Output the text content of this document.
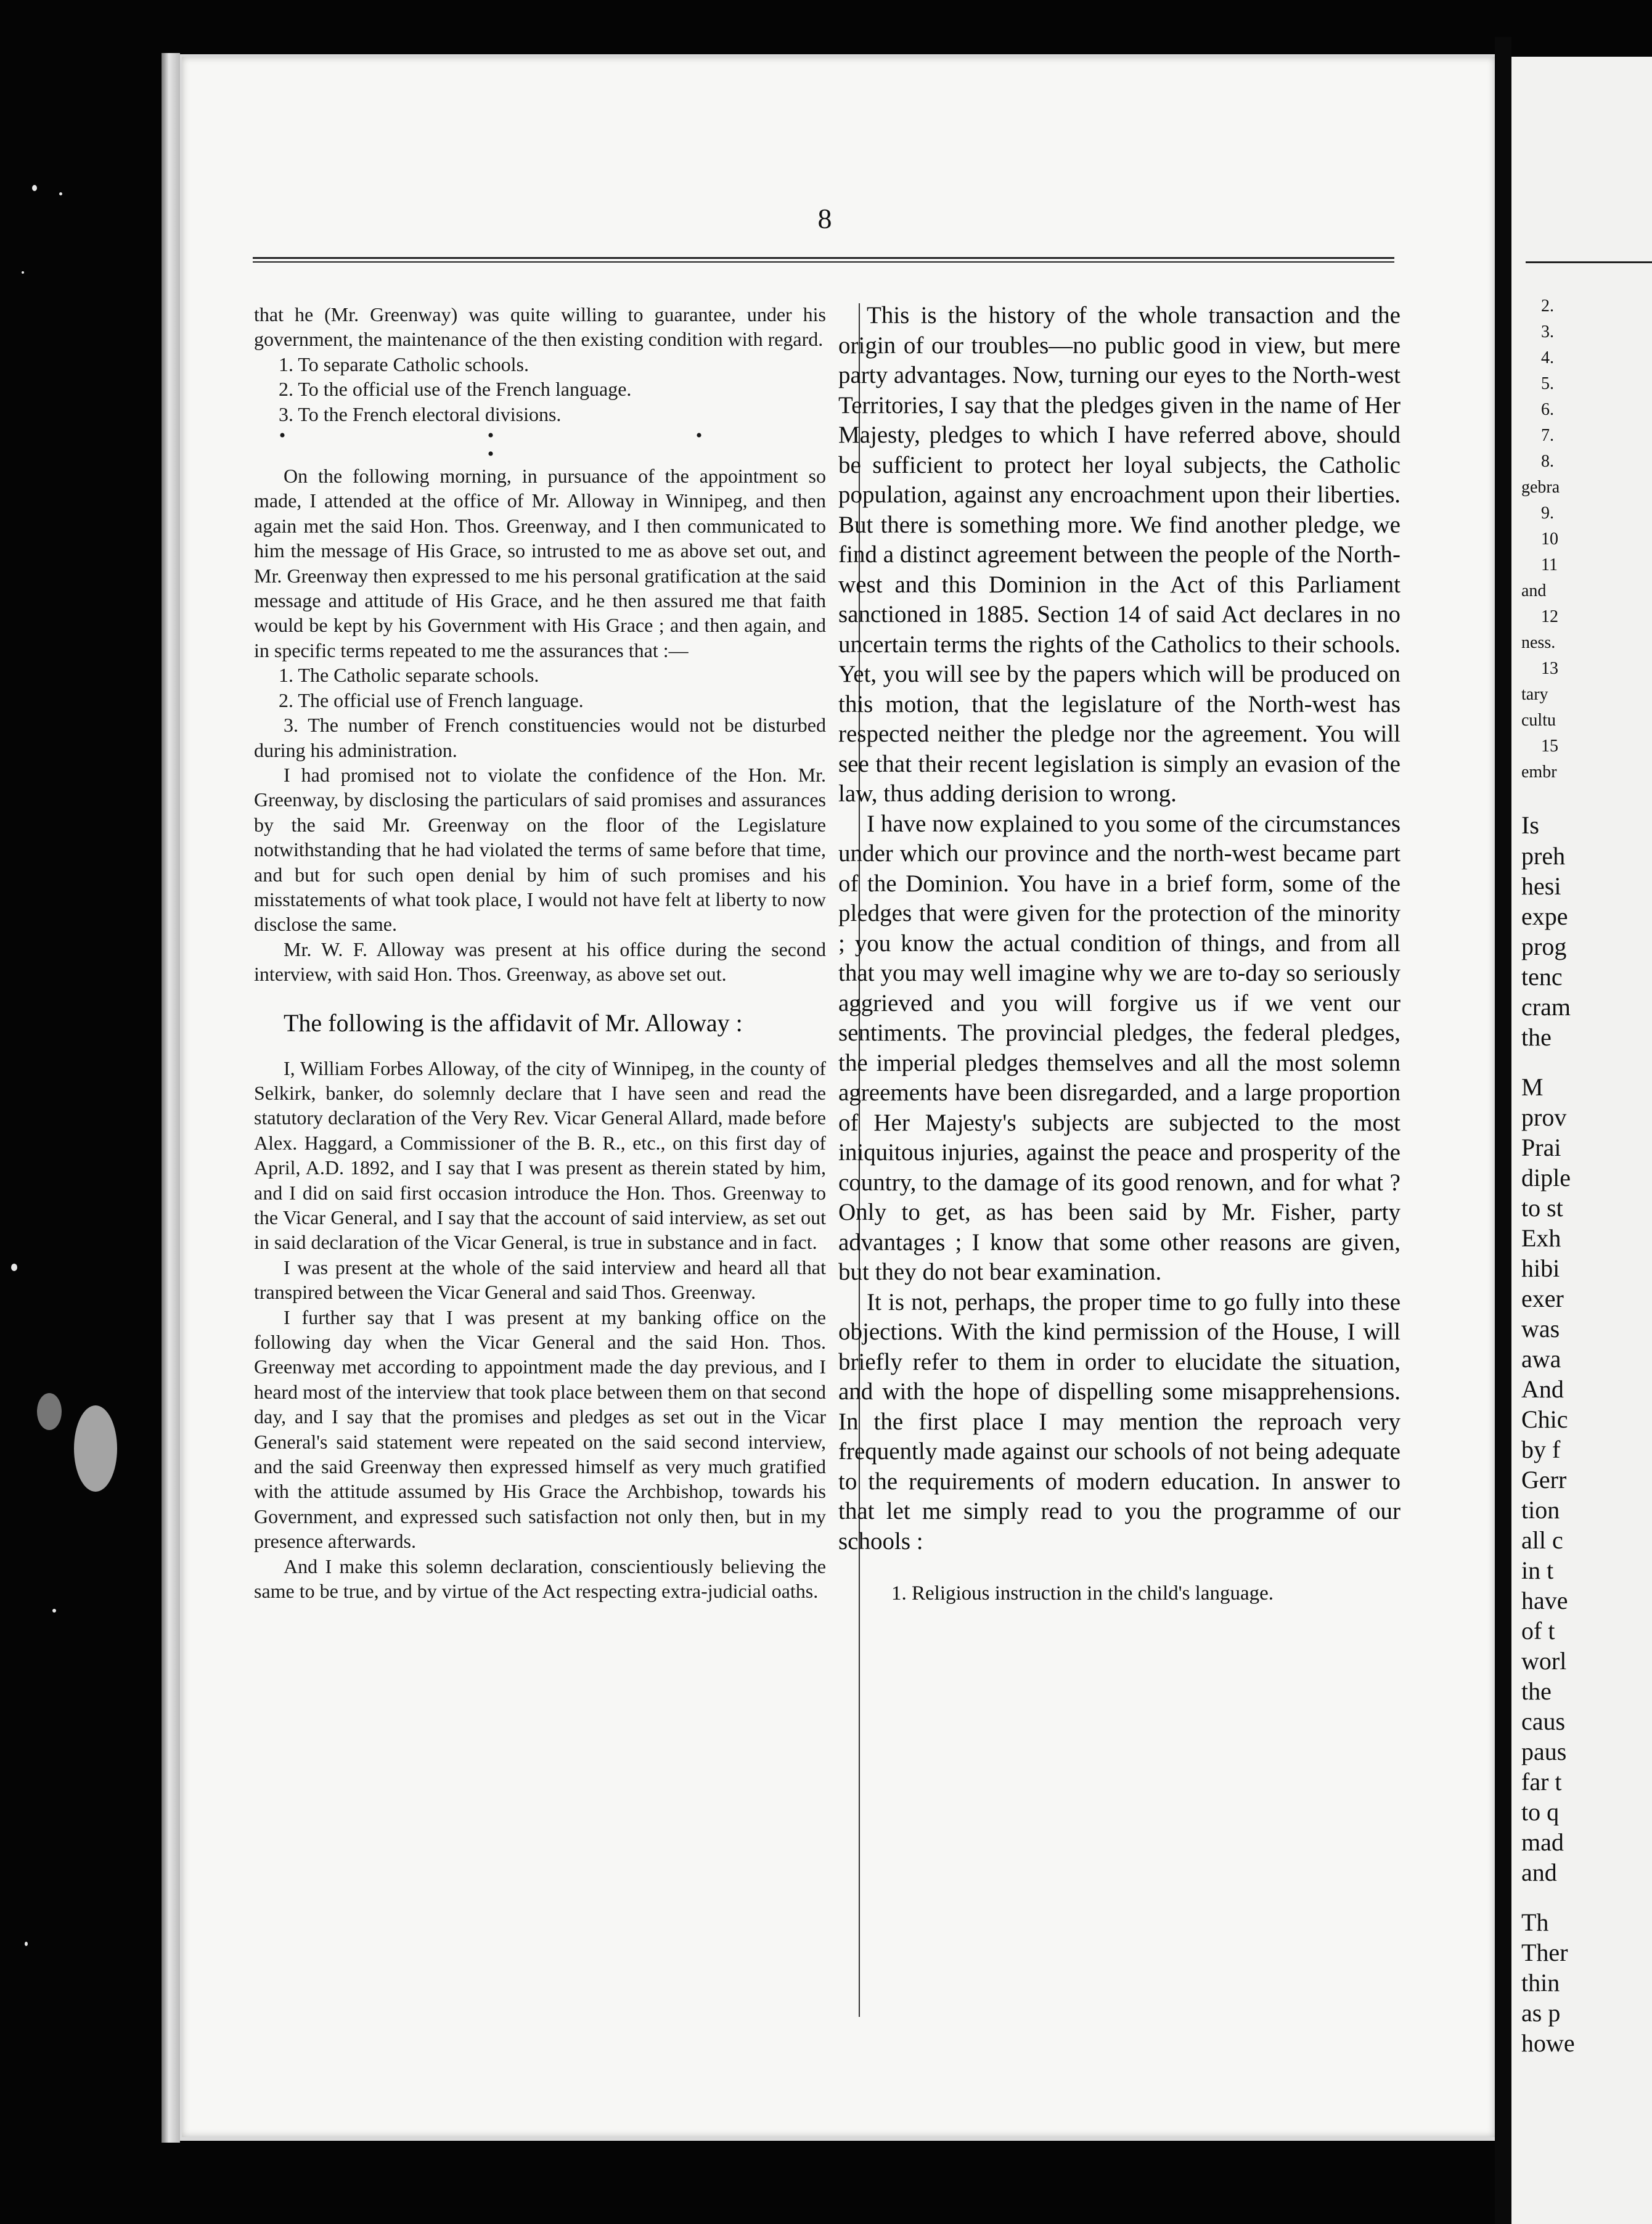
8

that he (Mr. Greenway) was quite willing to guarantee, under his government, the maintenance of the then existing condition with regard.

1. To separate Catholic schools.

2. To the official use of the French language.

3. To the French electoral divisions.

• • • •

On the following morning, in pursuance of the appointment so made, I attended at the office of Mr. Alloway in Winnipeg, and then again met the said Hon. Thos. Greenway, and I then communicated to him the message of His Grace, so intrusted to me as above set out, and Mr. Greenway then expressed to me his personal gratification at the said message and attitude of His Grace, and he then assured me that faith would be kept by his Government with His Grace ; and then again, and in specific terms repeated to me the assurances that :—

1. The Catholic separate schools.

2. The official use of French language.

3. The number of French constituencies would not be disturbed during his administration.

I had promised not to violate the confidence of the Hon. Mr. Greenway, by disclosing the particulars of said promises and assurances by the said Mr. Greenway on the floor of the Legislature notwithstanding that he had violated the terms of same before that time, and but for such open denial by him of such promises and his misstatements of what took place, I would not have felt at liberty to now disclose the same.

Mr. W. F. Alloway was present at his office during the second interview, with said Hon. Thos. Greenway, as above set out.

The following is the affidavit of Mr. Alloway :

I, William Forbes Alloway, of the city of Winnipeg, in the county of Selkirk, banker, do solemnly declare that I have seen and read the statutory declaration of the Very Rev. Vicar General Allard, made before Alex. Haggard, a Commissioner of the B. R., etc., on this first day of April, A.D. 1892, and I say that I was present as therein stated by him, and I did on said first occasion introduce the Hon. Thos. Greenway to the Vicar General, and I say that the account of said interview, as set out in said declaration of the Vicar General, is true in substance and in fact.

I was present at the whole of the said interview and heard all that transpired between the Vicar General and said Thos. Greenway.

I further say that I was present at my banking office on the following day when the Vicar General and the said Hon. Thos. Greenway met according to appointment made the day previous, and I heard most of the interview that took place between them on that second day, and I say that the promises and pledges as set out in the Vicar General's said statement were repeated on the said second interview, and the said Greenway then expressed himself as very much gratified with the attitude assumed by His Grace the Archbishop, towards his Government, and expressed such satisfaction not only then, but in my presence afterwards.

And I make this solemn declaration, conscientiously believing the same to be true, and by virtue of the Act respecting extra-judicial oaths.

This is the history of the whole transaction and the origin of our troubles—no public good in view, but mere party advantages. Now, turning our eyes to the North-west Territories, I say that the pledges given in the name of Her Majesty, pledges to which I have referred above, should be sufficient to protect her loyal subjects, the Catholic population, against any encroachment upon their liberties. But there is something more. We find another pledge, we find a distinct agreement between the people of the North-west and this Dominion in the Act of this Parliament sanctioned in 1885. Section 14 of said Act declares in no uncertain terms the rights of the Catholics to their schools. Yet, you will see by the papers which will be produced on this motion, that the legislature of the North-west has respected neither the pledge nor the agreement. You will see that their recent legislation is simply an evasion of the law, thus adding derision to wrong.

I have now explained to you some of the circumstances under which our province and the north-west became part of the Dominion. You have in a brief form, some of the pledges that were given for the protection of the minority ; you know the actual condition of things, and from all that you may well imagine why we are to-day so seriously aggrieved and you will forgive us if we vent our sentiments. The provincial pledges, the federal pledges, the imperial pledges themselves and all the most solemn agreements have been disregarded, and a large proportion of Her Majesty's subjects are subjected to the most iniquitous injuries, against the peace and prosperity of the country, to the damage of its good renown, and for what ? Only to get, as has been said by Mr. Fisher, party advantages ; I know that some other reasons are given, but they do not bear examination.

It is not, perhaps, the proper time to go fully into these objections. With the kind permission of the House, I will briefly refer to them in order to elucidate the situation, and with the hope of dispelling some misapprehensions. In the first place I may mention the reproach very frequently made against our schools of not being adequate to the requirements of modern education. In answer to that let me simply read to you the programme of our schools :

1. Religious instruction in the child's language.

2.
3.
4.
5.
6.
7.
8.
gebra
9.
10
11
and
12
ness.
13
tary
cultu
15
embr
Is
preh
hesi
expe
prog
tenc
cram
the
M
prov
Prai
diple
to st
Exh
hibi
exer
was
awa
And
Chic
by f
Gerr
tion
all c
in t
have
of t
worl
the
caus
paus
far t
to q
mad
and
Th
Ther
thin
as p
howe
